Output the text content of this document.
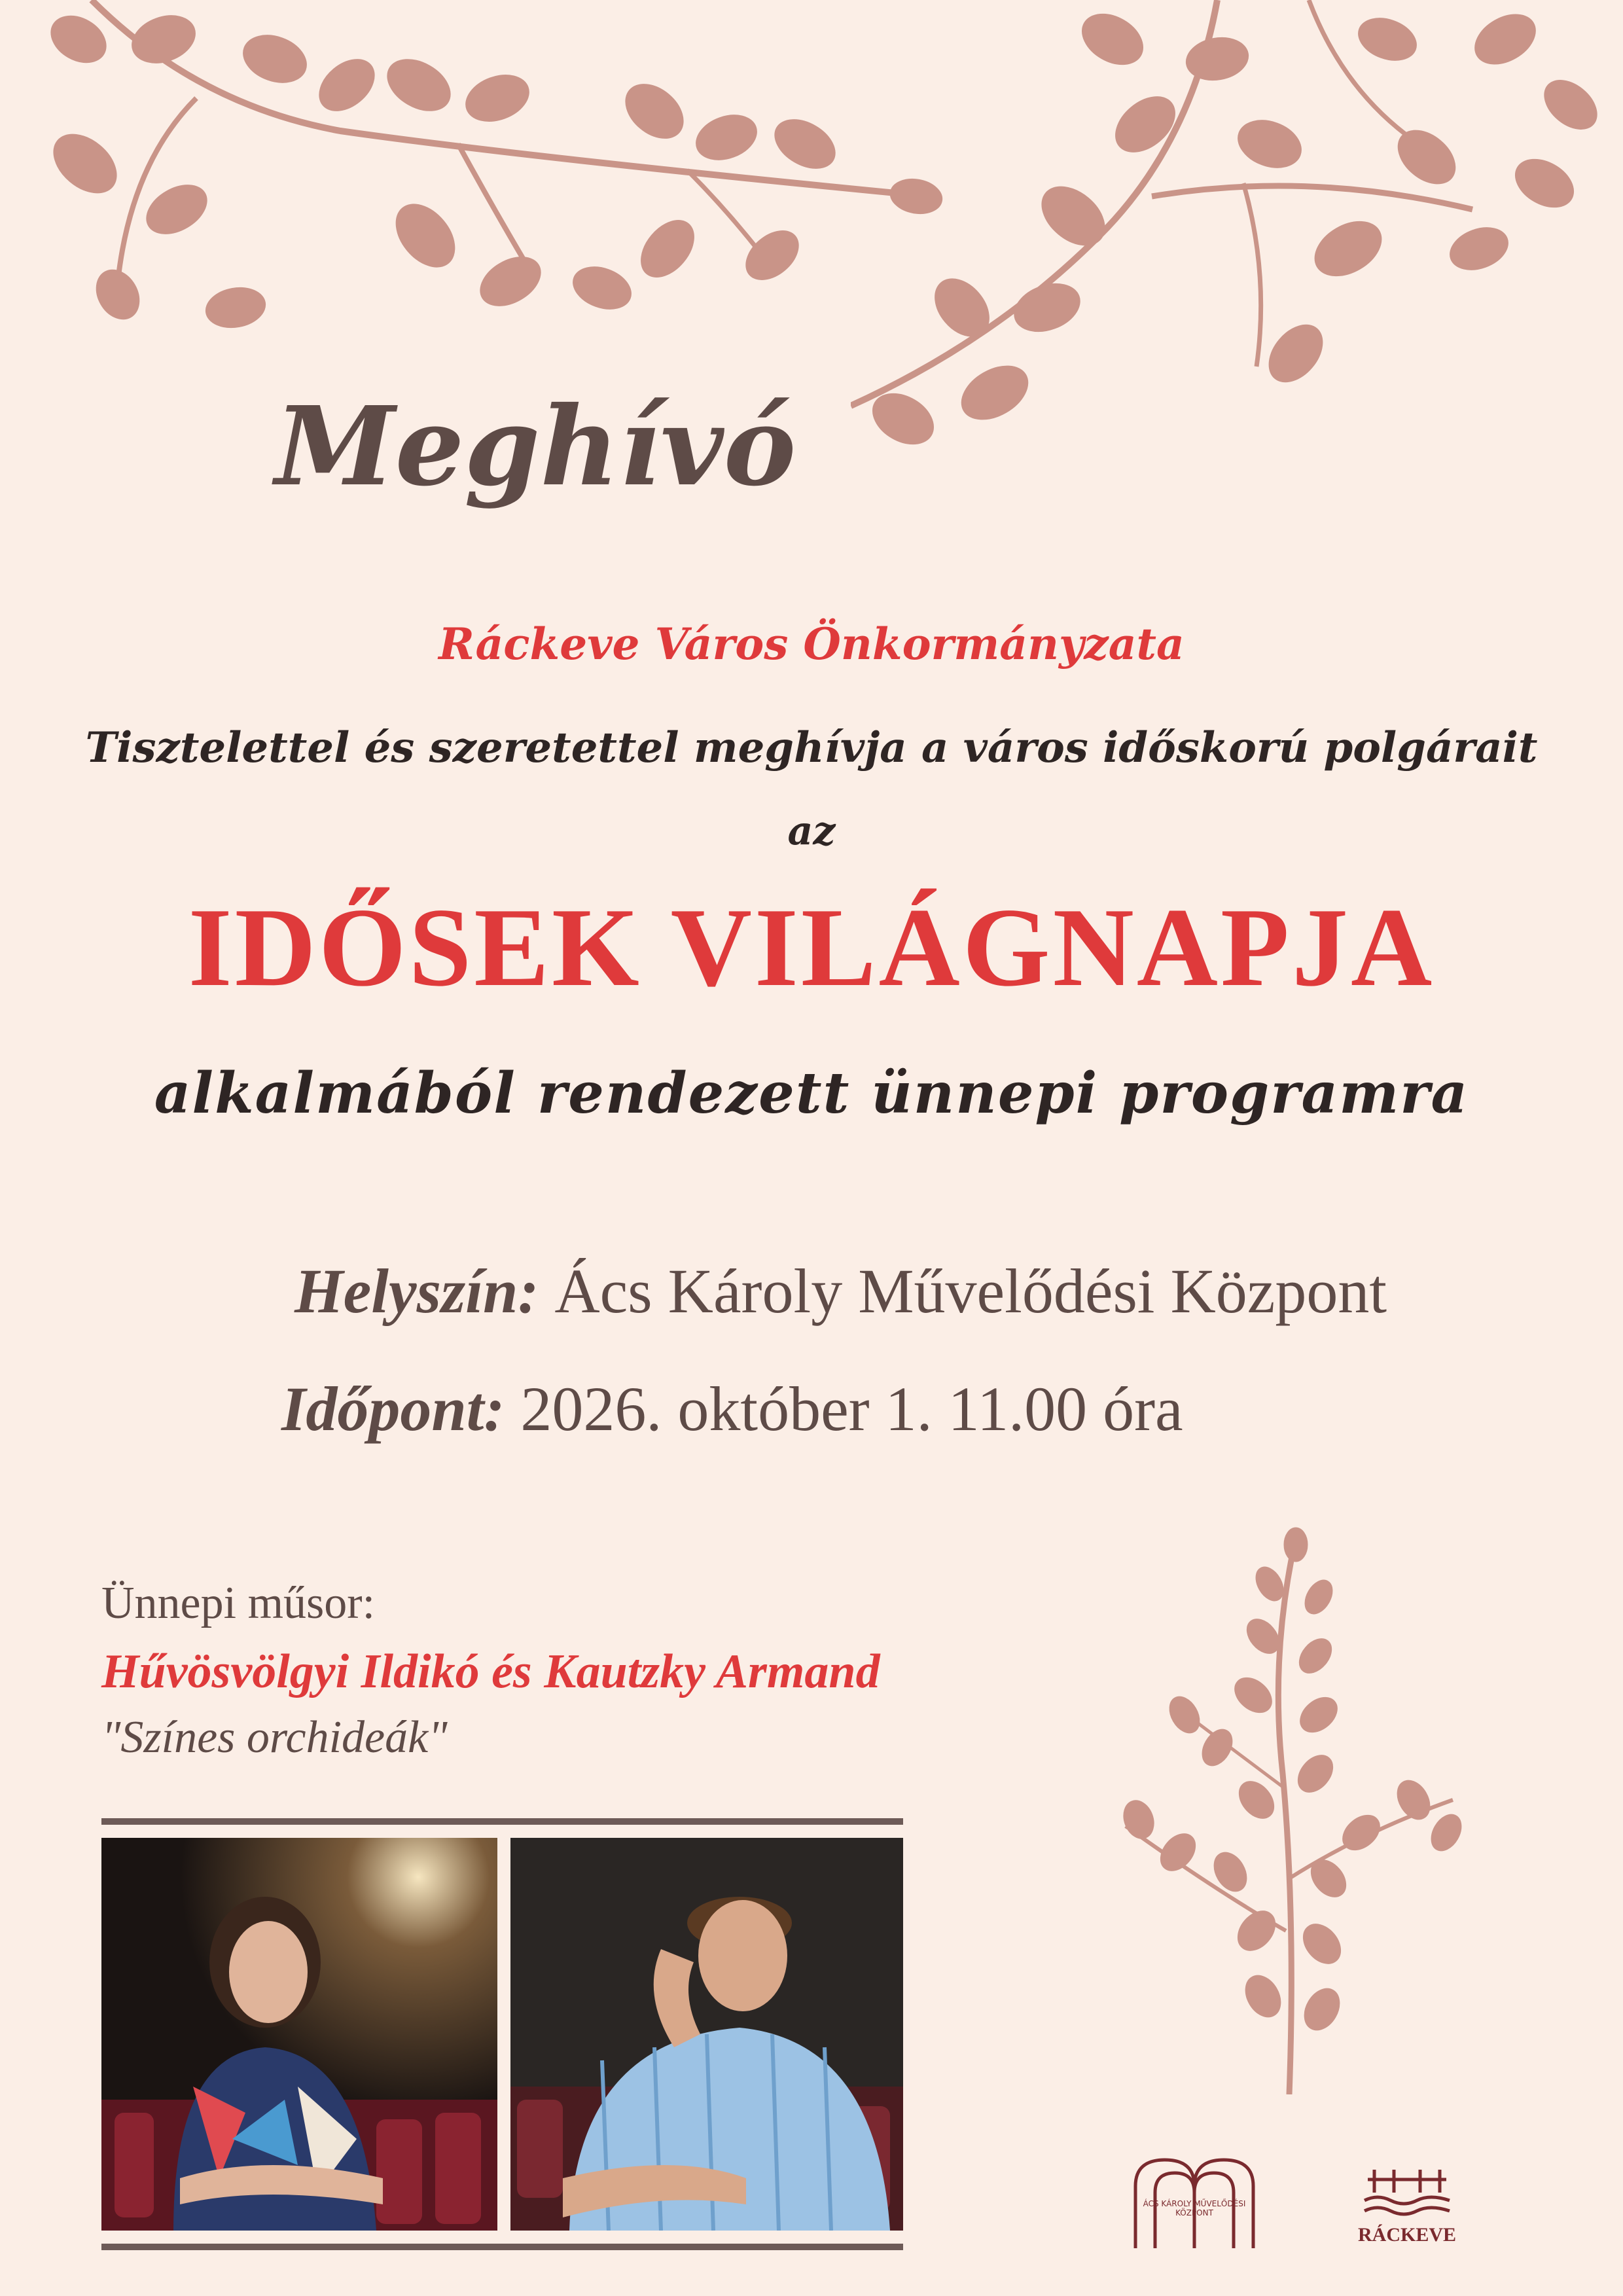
Meghívó
Ráckeve Város Önkormányzata
Tisztelettel és szeretettel meghívja a város időskorú polgárait
az
IDŐSEK VILÁGNAPJA
alkalmából rendezett ünnepi programra
Helyszín: Ács Károly Művelődési Központ
Időpont: 2026. október 1. 11.00 óra
Ünnepi műsor:
Hűvösvölgyi Ildikó és Kautzky Armand
"Színes orchideák"
ÁCS KÁROLY MŰVELŐDÉSI KÖZPONT
RÁCKEVE
